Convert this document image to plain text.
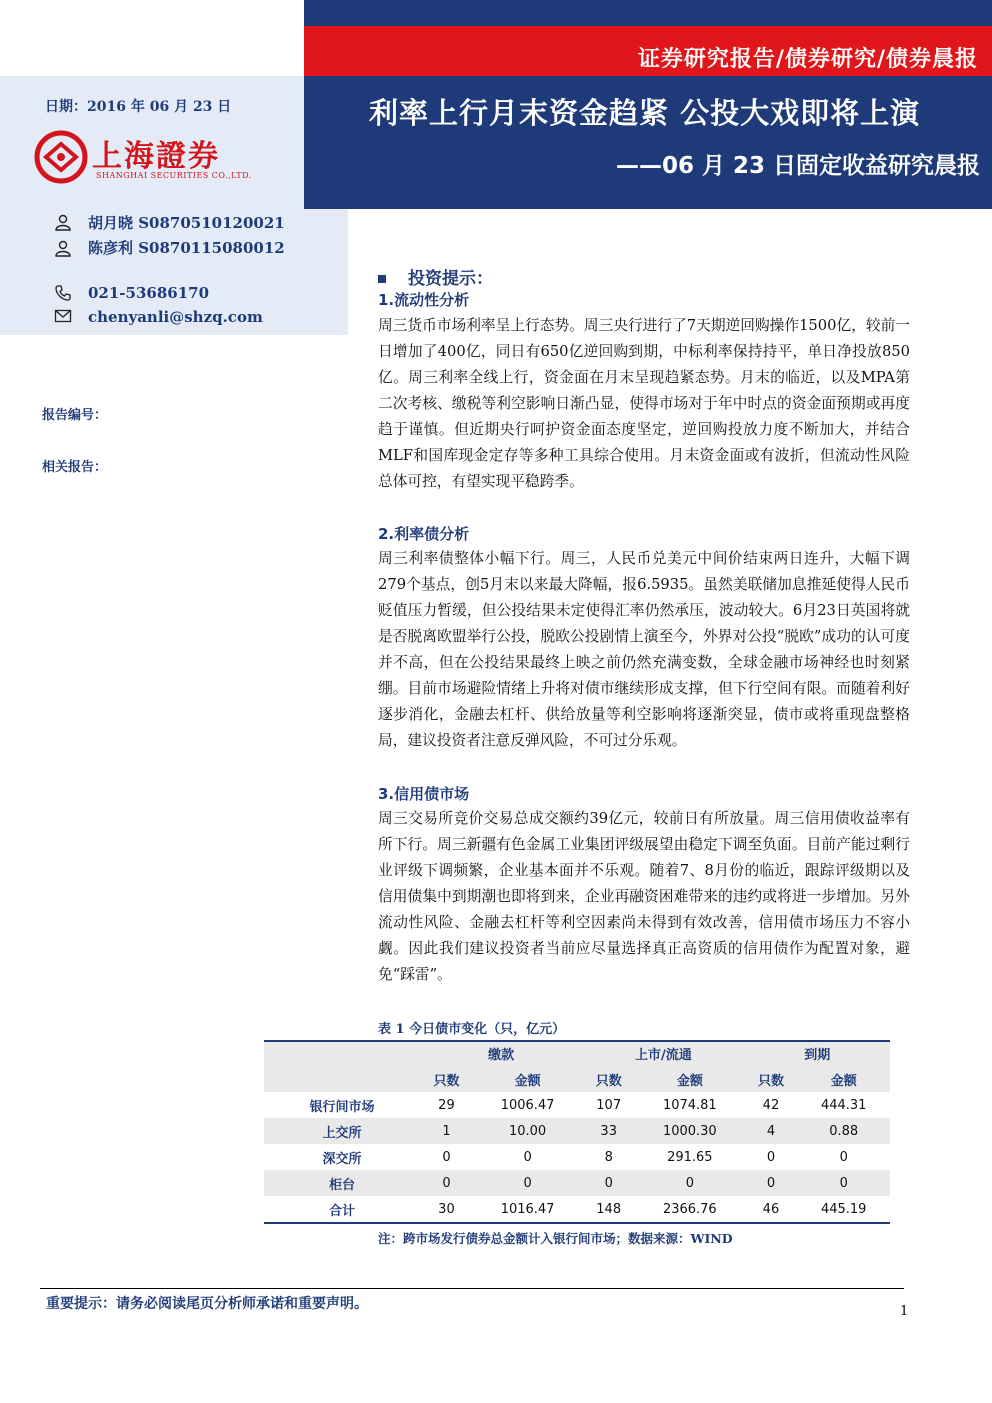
证券研究报告/债券研究/债券晨报
利率上行月末资金趋紧 公投大戏即将上演
——06 月 23 日固定收益研究晨报
日期：2016 年 06 月 23 日
上海證券
SHANGHAI SECURITIES CO.,LTD.
胡月晓 S0870510120021
陈彦利 S0870115080012
021-53686170
chenyanli@shzq.com
报告编号：
相关报告：
投资提示：
1.流动性分析

周三货币市场利率呈上行态势。周三央行进行了7天期逆回购操作1500亿，较前一日增加了400亿，同日有650亿逆回购到期，中标利率保持持平，单日净投放850亿。周三利率全线上行，资金面在月末呈现趋紧态势。月末的临近，以及MPA第二次考核、缴税等利空影响日渐凸显，使得市场对于年中时点的资金面预期或再度趋于谨慎。但近期央行呵护资金面态度坚定，逆回购投放力度不断加大，并结合MLF和国库现金定存等多种工具综合使用。月末资金面或有波折，但流动性风险总体可控，有望实现平稳跨季。

2.利率债分析

周三利率债整体小幅下行。周三，人民币兑美元中间价结束两日连升，大幅下调279个基点，创5月末以来最大降幅，报6.5935。虽然美联储加息推延使得人民币贬值压力暂缓，但公投结果未定使得汇率仍然承压，波动较大。6月23日英国将就是否脱离欧盟举行公投，脱欧公投剧情上演至今，外界对公投“脱欧”成功的认可度并不高，但在公投结果最终上映之前仍然充满变数，全球金融市场神经也时刻紧绷。目前市场避险情绪上升将对债市继续形成支撑，但下行空间有限。而随着利好逐步消化，金融去杠杆、供给放量等利空影响将逐渐突显，债市或将重现盘整格局，建议投资者注意反弹风险，不可过分乐观。

3.信用债市场

周三交易所竞价交易总成交额约39亿元，较前日有所放量。周三信用债收益率有所下行。周三新疆有色金属工业集团评级展望由稳定下调至负面。目前产能过剩行业评级下调频繁，企业基本面并不乐观。随着7、8月份的临近，跟踪评级期以及信用债集中到期潮也即将到来，企业再融资困难带来的违约或将进一步增加。另外流动性风险、金融去杠杆等利空因素尚未得到有效改善，信用债市场压力不容小觑。因此我们建议投资者当前应尽量选择真正高资质的信用债作为配置对象，避免“踩雷”。

表 1 今日债市变化（只，亿元）
	缴款		上市/流通		到期	
	只数	金额	只数	金额	只数	金额
银行间市场	29	1006.47	107	1074.81	42	444.31
上交所	1	10.00	33	1000.30	4	0.88
深交所	0	0	8	291.65	0	0
柜台	0	0	0	0	0	0
合计	30	1016.47	148	2366.76	46	445.19
注：跨市场发行债券总金额计入银行间市场；数据来源：WIND
重要提示：请务必阅读尾页分析师承诺和重要声明。	1
